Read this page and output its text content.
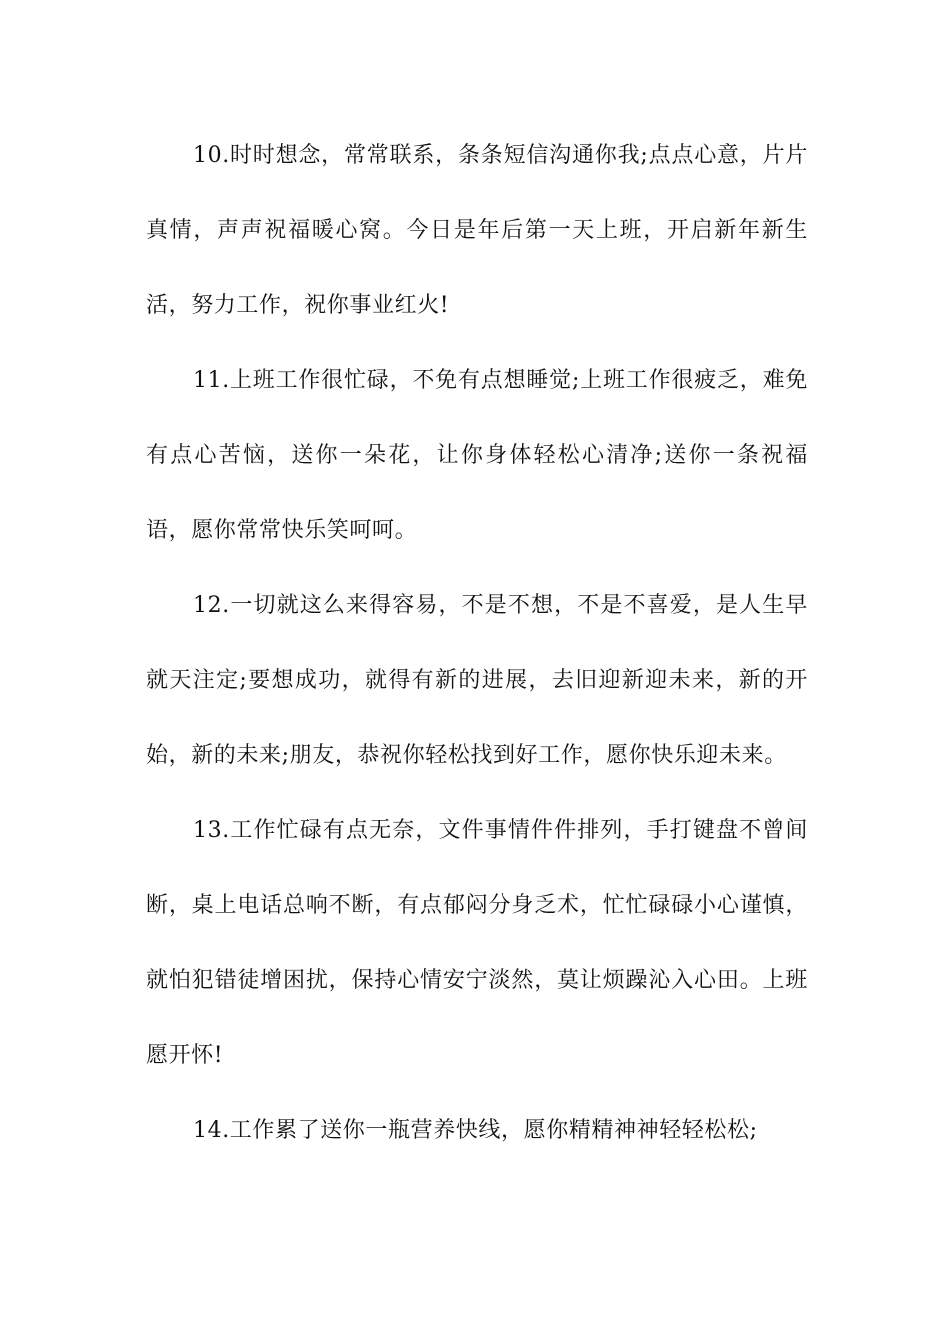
10.时时想念，常常联系，条条短信沟通你我;点点心意，片片真情，声声祝福暖心窝。今日是年后第一天上班，开启新年新生活，努力工作，祝你事业红火!

11.上班工作很忙碌，不免有点想睡觉;上班工作很疲乏，难免有点心苦恼，送你一朵花，让你身体轻松心清净;送你一条祝福语，愿你常常快乐笑呵呵。

12.一切就这么来得容易，不是不想，不是不喜爱，是人生早就天注定;要想成功，就得有新的进展，去旧迎新迎未来，新的开始，新的未来;朋友，恭祝你轻松找到好工作，愿你快乐迎未来。

13.工作忙碌有点无奈，文件事情件件排列，手打键盘不曾间断，桌上电话总响不断，有点郁闷分身乏术，忙忙碌碌小心谨慎，就怕犯错徒增困扰，保持心情安宁淡然，莫让烦躁沁入心田。上班愿开怀!

14.工作累了送你一瓶营养快线，愿你精精神神轻轻松松;
